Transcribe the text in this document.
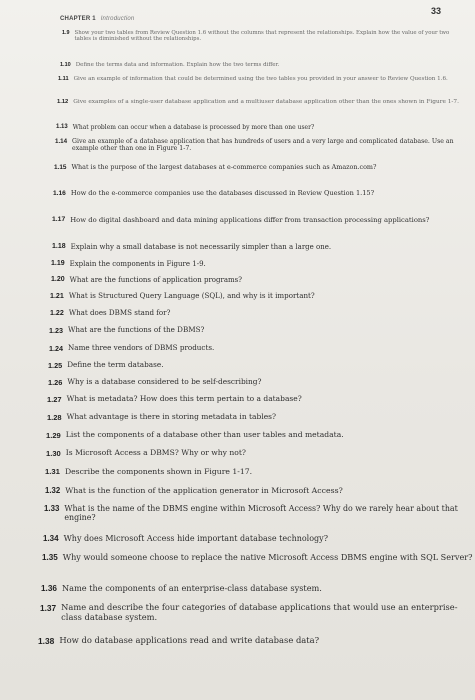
33
CHAPTER 1 Introduction
1.9 Show your two tables from Review Question 1.6 without the columns that represent the relationships. Explain how the value of your two tables is diminished without the relationships.
1.10 Define the terms data and information. Explain how the two terms differ.
1.11 Give an example of information that could be determined using the two tables you provided in your answer to Review Question 1.6.
1.12 Give examples of a single-user database application and a multiuser database application other than the ones shown in Figure 1-7.
1.13 What problem can occur when a database is processed by more than one user?
1.14 Give an example of a database application that has hundreds of users and a very large and complicated database. Use an example other than one in Figure 1-7.
1.15 What is the purpose of the largest databases at e-commerce companies such as Amazon.com?
1.16 How do the e-commerce companies use the databases discussed in Review Question 1.15?
1.17 How do digital dashboard and data mining applications differ from transaction processing applications?
1.18 Explain why a small database is not necessarily simpler than a large one.
1.19 Explain the components in Figure 1-9.
1.20 What are the functions of application programs?
1.21 What is Structured Query Language (SQL), and why is it important?
1.22 What does DBMS stand for?
1.23 What are the functions of the DBMS?
1.24 Name three vendors of DBMS products.
1.25 Define the term database.
1.26 Why is a database considered to be self-describing?
1.27 What is metadata? How does this term pertain to a database?
1.28 What advantage is there in storing metadata in tables?
1.29 List the components of a database other than user tables and metadata.
1.30 Is Microsoft Access a DBMS? Why or why not?
1.31 Describe the components shown in Figure 1-17.
1.32 What is the function of the application generator in Microsoft Access?
1.33 What is the name of the DBMS engine within Microsoft Access? Why do we rarely hear about that engine?
1.34 Why does Microsoft Access hide important database technology?
1.35 Why would someone choose to replace the native Microsoft Access DBMS engine with SQL Server?
1.36 Name the components of an enterprise-class database system.
1.37 Name and describe the four categories of database applications that would use an enterprise-class database system.
1.38 How do database applications read and write database data?
